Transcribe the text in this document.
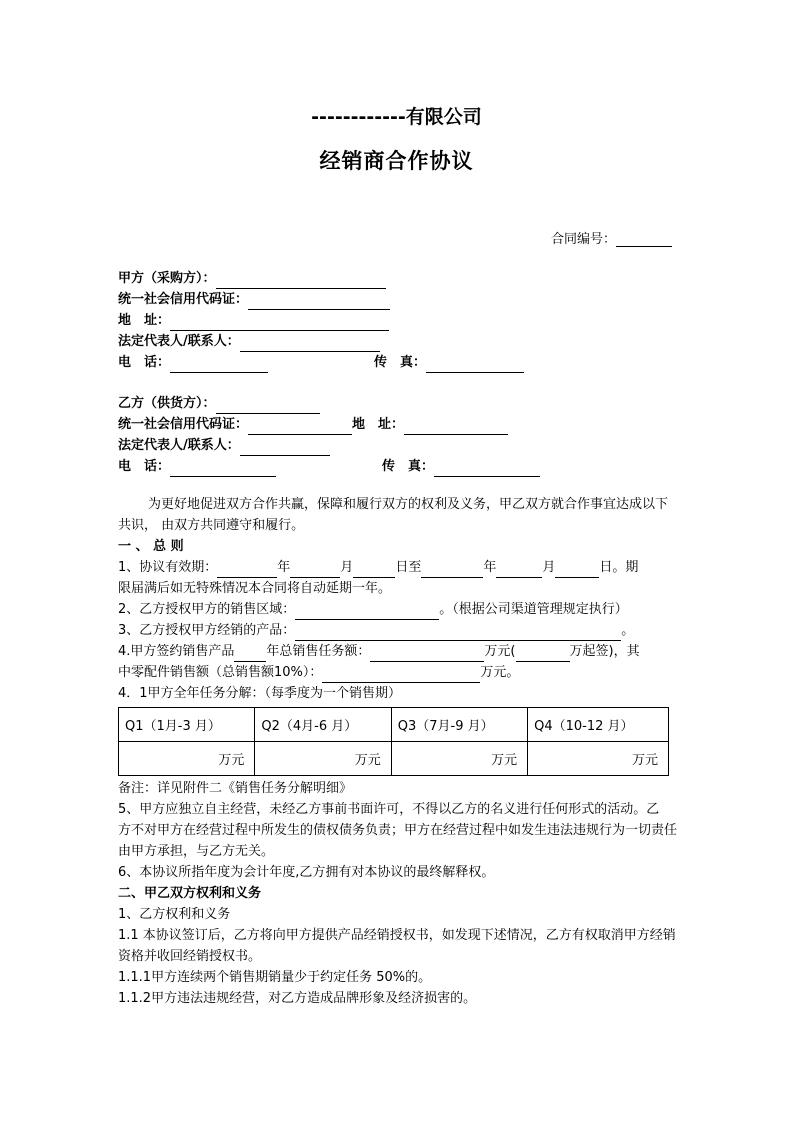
------------有限公司
经销商合作协议
合同编号：
甲方（采购方）：
统一社会信用代码证：
地　址：
法定代表人/联系人：
电　话：	传　真：
乙方（供货方）：
统一社会信用代码证：	地　址：
法定代表人/联系人：
电　话：	传　真：
为更好地促进双方合作共赢，保障和履行双方的权利及义务，甲乙双方就合作事宜达成以下共识， 由双方共同遵守和履行。
一 、 总 则
1、协议有效期：	年	月	日至	年	月	日。期
限届满后如无特殊情况本合同将自动延期一年。
2、乙方授权甲方的销售区域：	。（根据公司渠道管理规定执行）
3、乙方授权甲方经销的产品：	。
4.甲方签约销售产品 年总销售任务额：	万元(	万起签)，其
中零配件销售额（总销售额10%）：	万元。
4．1甲方全年任务分解：（每季度为一个销售期）
Q1（1月-3 月）	Q2（4月-6 月）	Q3（7月-9 月）	Q4（10-12 月）
万元	万元	万元	万元
备注：详见附件二《销售任务分解明细》
5、甲方应独立自主经营，未经乙方事前书面许可，不得以乙方的名义进行任何形式的活动。乙　方不对甲方在经营过程中所发生的债权债务负责；甲方在经营过程中如发生违法违规行为一切责任由甲方承担，与乙方无关。
6、本协议所指年度为会计年度,乙方拥有对本协议的最终解释权。
二、甲乙双方权利和义务
1、乙方权利和义务
1.1 本协议签订后，乙方将向甲方提供产品经销授权书，如发现下述情况，乙方有权取消甲方经销资格并收回经销授权书。
1.1.1甲方连续两个销售期销量少于约定任务 50%的。
1.1.2甲方违法违规经营，对乙方造成品牌形象及经济损害的。
